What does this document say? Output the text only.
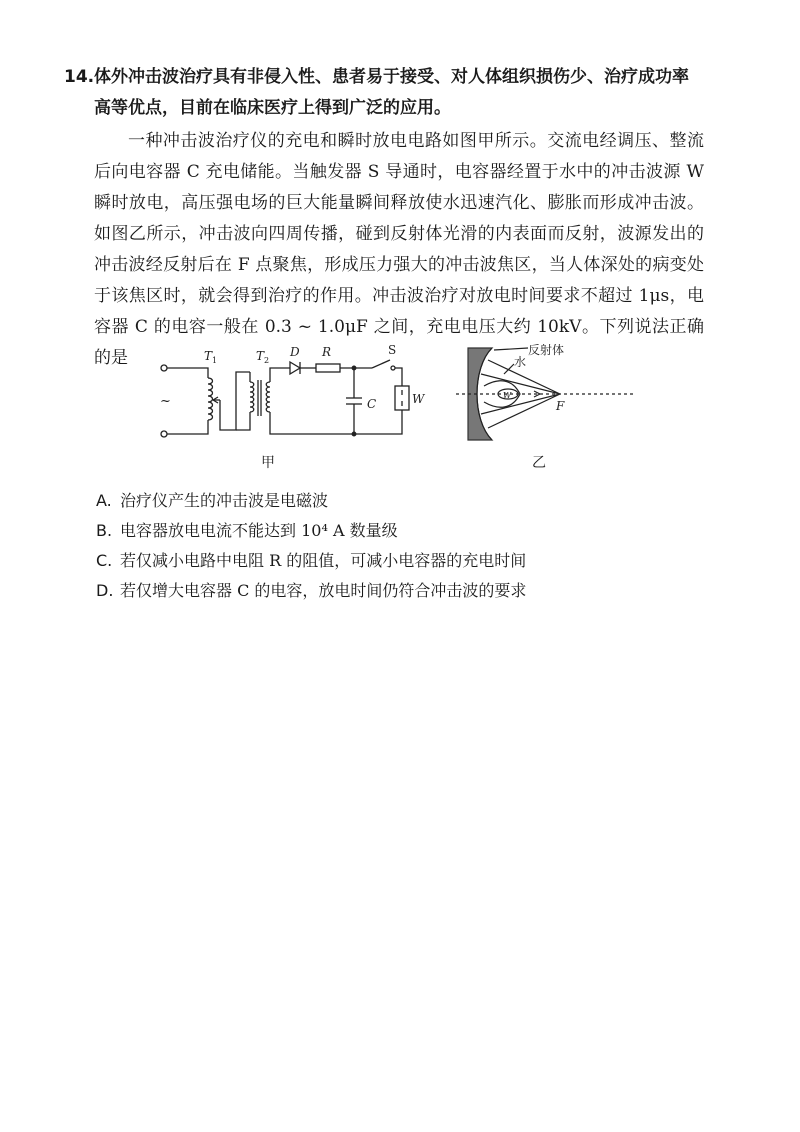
14. 体外冲击波治疗具有非侵入性、患者易于接受、对人体组织损伤少、治疗成功率高等优点，目前在临床医疗上得到广泛的应用。

一种冲击波治疗仪的充电和瞬时放电电路如图甲所示。交流电经调压、整流后向电容器 C 充电储能。当触发器 S 导通时，电容器经置于水中的冲击波源 W 瞬时放电，高压强电场的巨大能量瞬间释放使水迅速汽化、膨胀而形成冲击波。如图乙所示，冲击波向四周传播，碰到反射体光滑的内表面而反射，波源发出的冲击波经反射后在 F 点聚焦，形成压力强大的冲击波焦区，当人体深处的病变处于该焦区时，就会得到治疗的作用。冲击波治疗对放电时间要求不超过 1μs，电容器 C 的电容一般在 0.3 ~ 1.0μF 之间，充电电压大约 10kV。下列说法正确的是

~
T 1	T 2
D R
C
S
W
甲
反射体
水
W
F
乙
A. 治疗仪产生的冲击波是电磁波
B. 电容器放电电流不能达到 10⁴ A 数量级
C. 若仅减小电路中电阻 R 的阻值，可减小电容器的充电时间
D. 若仅增大电容器 C 的电容，放电时间仍符合冲击波的要求
